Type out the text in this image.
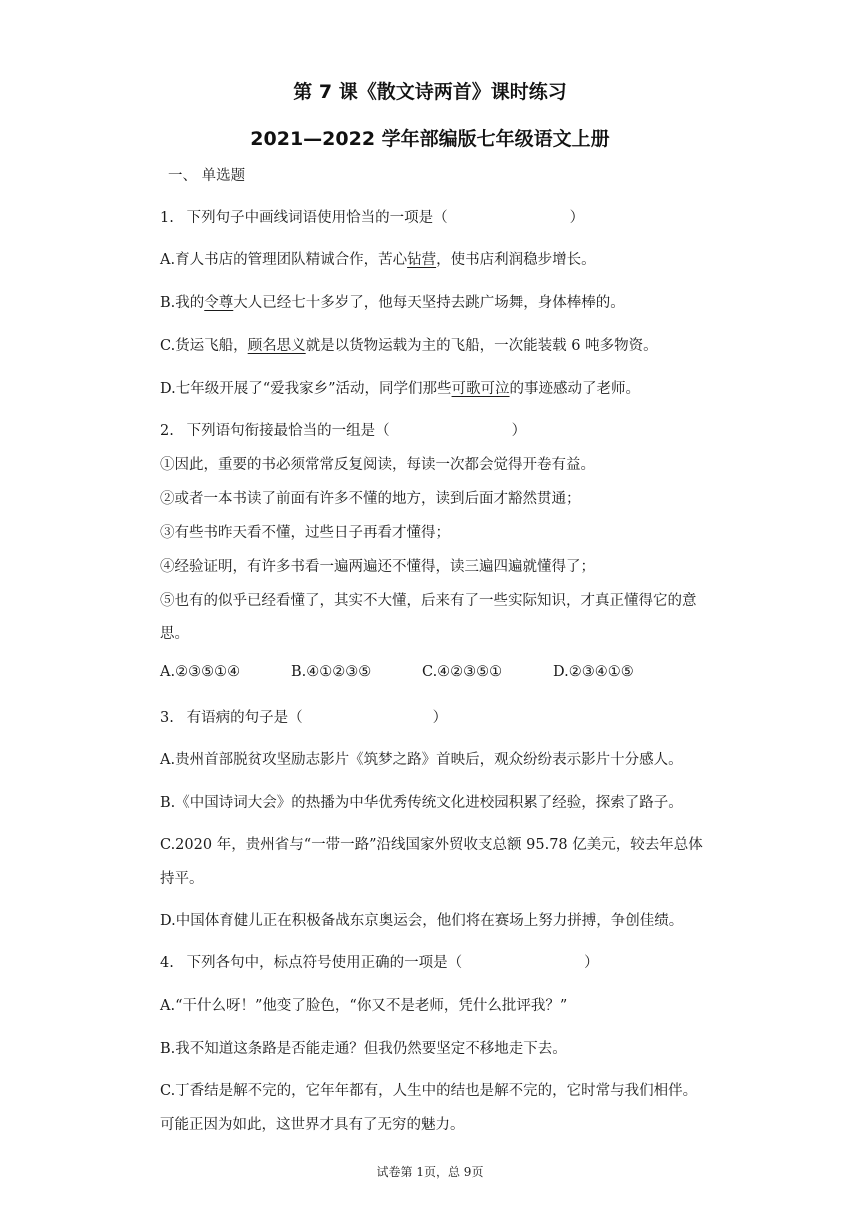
第 7 课《散文诗两首》课时练习
2021—2022 学年部编版七年级语文上册
一、 单选题
1. 下列句子中画线词语使用恰当的一项是（	）
A.育人书店的管理团队精诚合作，苦心钻营，使书店利润稳步增长。
B.我的令尊大人已经七十多岁了，他每天坚持去跳广场舞，身体棒棒的。
C.货运飞船，顾名思义就是以货物运载为主的飞船，一次能装载 6 吨多物资。
D.七年级开展了“爱我家乡”活动，同学们那些可歌可泣的事迹感动了老师。
2. 下列语句衔接最恰当的一组是（	）
①因此，重要的书必须常常反复阅读，每读一次都会觉得开卷有益。
②或者一本书读了前面有许多不懂的地方，读到后面才豁然贯通；
③有些书昨天看不懂，过些日子再看才懂得；
④经验证明，有许多书看一遍两遍还不懂得，读三遍四遍就懂得了；
⑤也有的似乎已经看懂了，其实不大懂，后来有了一些实际知识，才真正懂得它的意
思。
A.②③⑤①④	B.④①②③⑤	C.④②③⑤①	D.②③④①⑤
3. 有语病的句子是（	）
A.贵州首部脱贫攻坚励志影片《筑梦之路》首映后，观众纷纷表示影片十分感人。
B.《中国诗词大会》的热播为中华优秀传统文化进校园积累了经验，探索了路子。
C.2020 年，贵州省与“一带一路”沿线国家外贸收支总额 95.78 亿美元，较去年总体
持平。
D.中国体育健儿正在积极备战东京奥运会，他们将在赛场上努力拼搏，争创佳绩。
4. 下列各句中，标点符号使用正确的一项是（	）
A.“干什么呀！”他变了脸色，“你又不是老师，凭什么批评我？”
B.我不知道这条路是否能走通？但我仍然要坚定不移地走下去。
C.丁香结是解不完的，它年年都有，人生中的结也是解不完的，它时常与我们相伴。
可能正因为如此，这世界才具有了无穷的魅力。
试卷第 1页，总 9页
